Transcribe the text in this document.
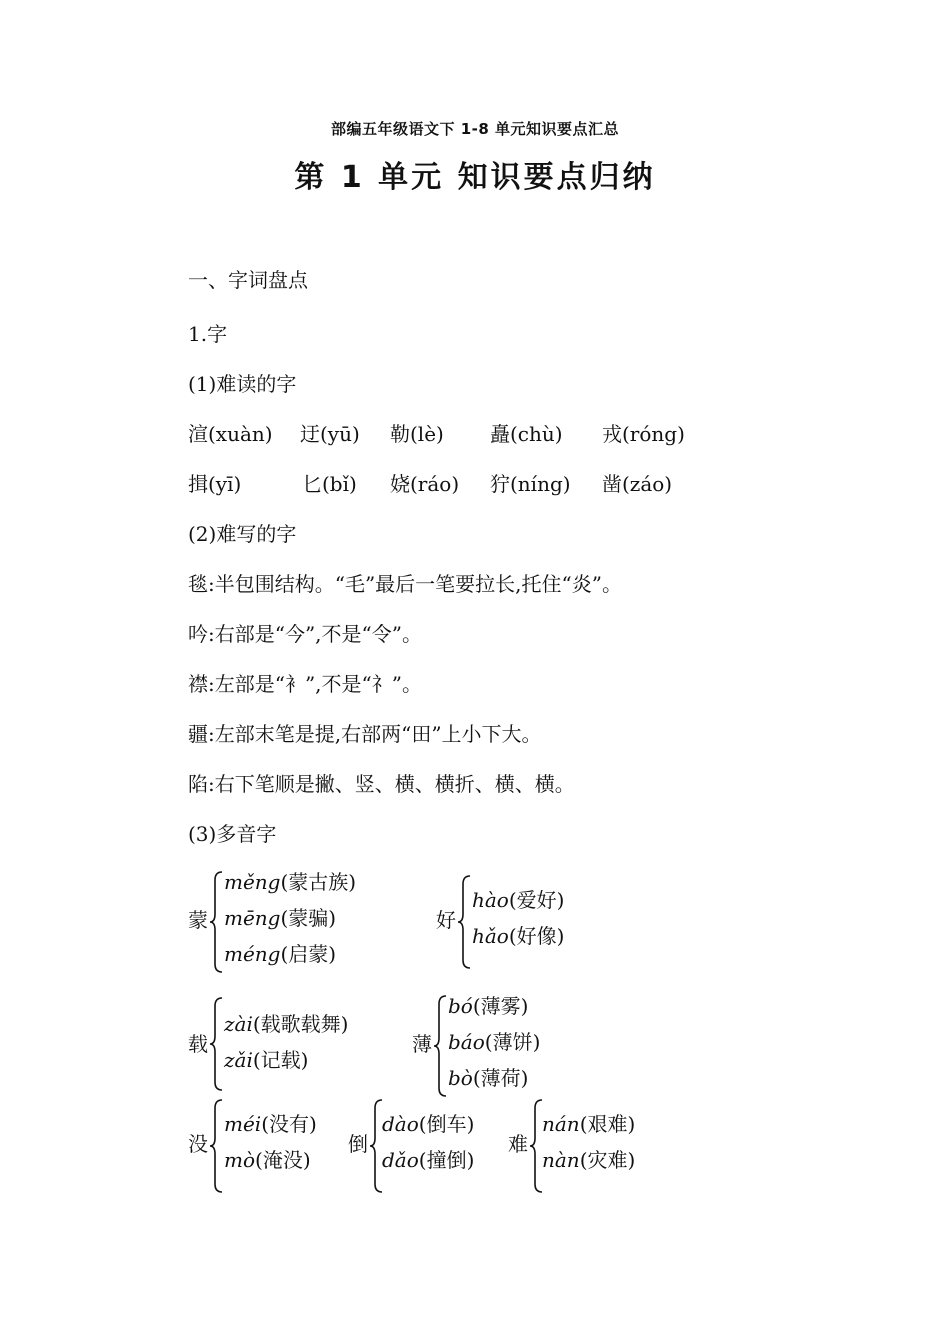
部编五年级语文下 1-8 单元知识要点汇总
第 1 单元 知识要点归纳
一、字词盘点
1.字
(1)难读的字
渲(xuàn) 迂(yū) 勒(lè) 矗(chù) 戎(róng)
揖(yī)	匕(bǐ) 娆(ráo) 狞(níng) 凿(záo)
(2)难写的字
毯:半包围结构。“毛”最后一笔要拉长,托住“炎”。
吟:右部是“今”,不是“令”。
襟:左部是“衤”,不是“礻”。
疆:左部末笔是提,右部两“田”上小下大。
陷:右下笔顺是撇、竖、横、横折、横、横。
(3)多音字
蒙
měng(蒙古族)
mēng(蒙骗)
méng(启蒙)
好
hào(爱好)
hǎo(好像)
载
zài(载歌载舞)
zǎi(记载)
薄
bó(薄雾)
báo(薄饼)
bò(薄荷)
没
méi(没有)
mò(淹没)
倒
dào(倒车)
dǎo(撞倒)
难
nán(艰难)
nàn(灾难)
